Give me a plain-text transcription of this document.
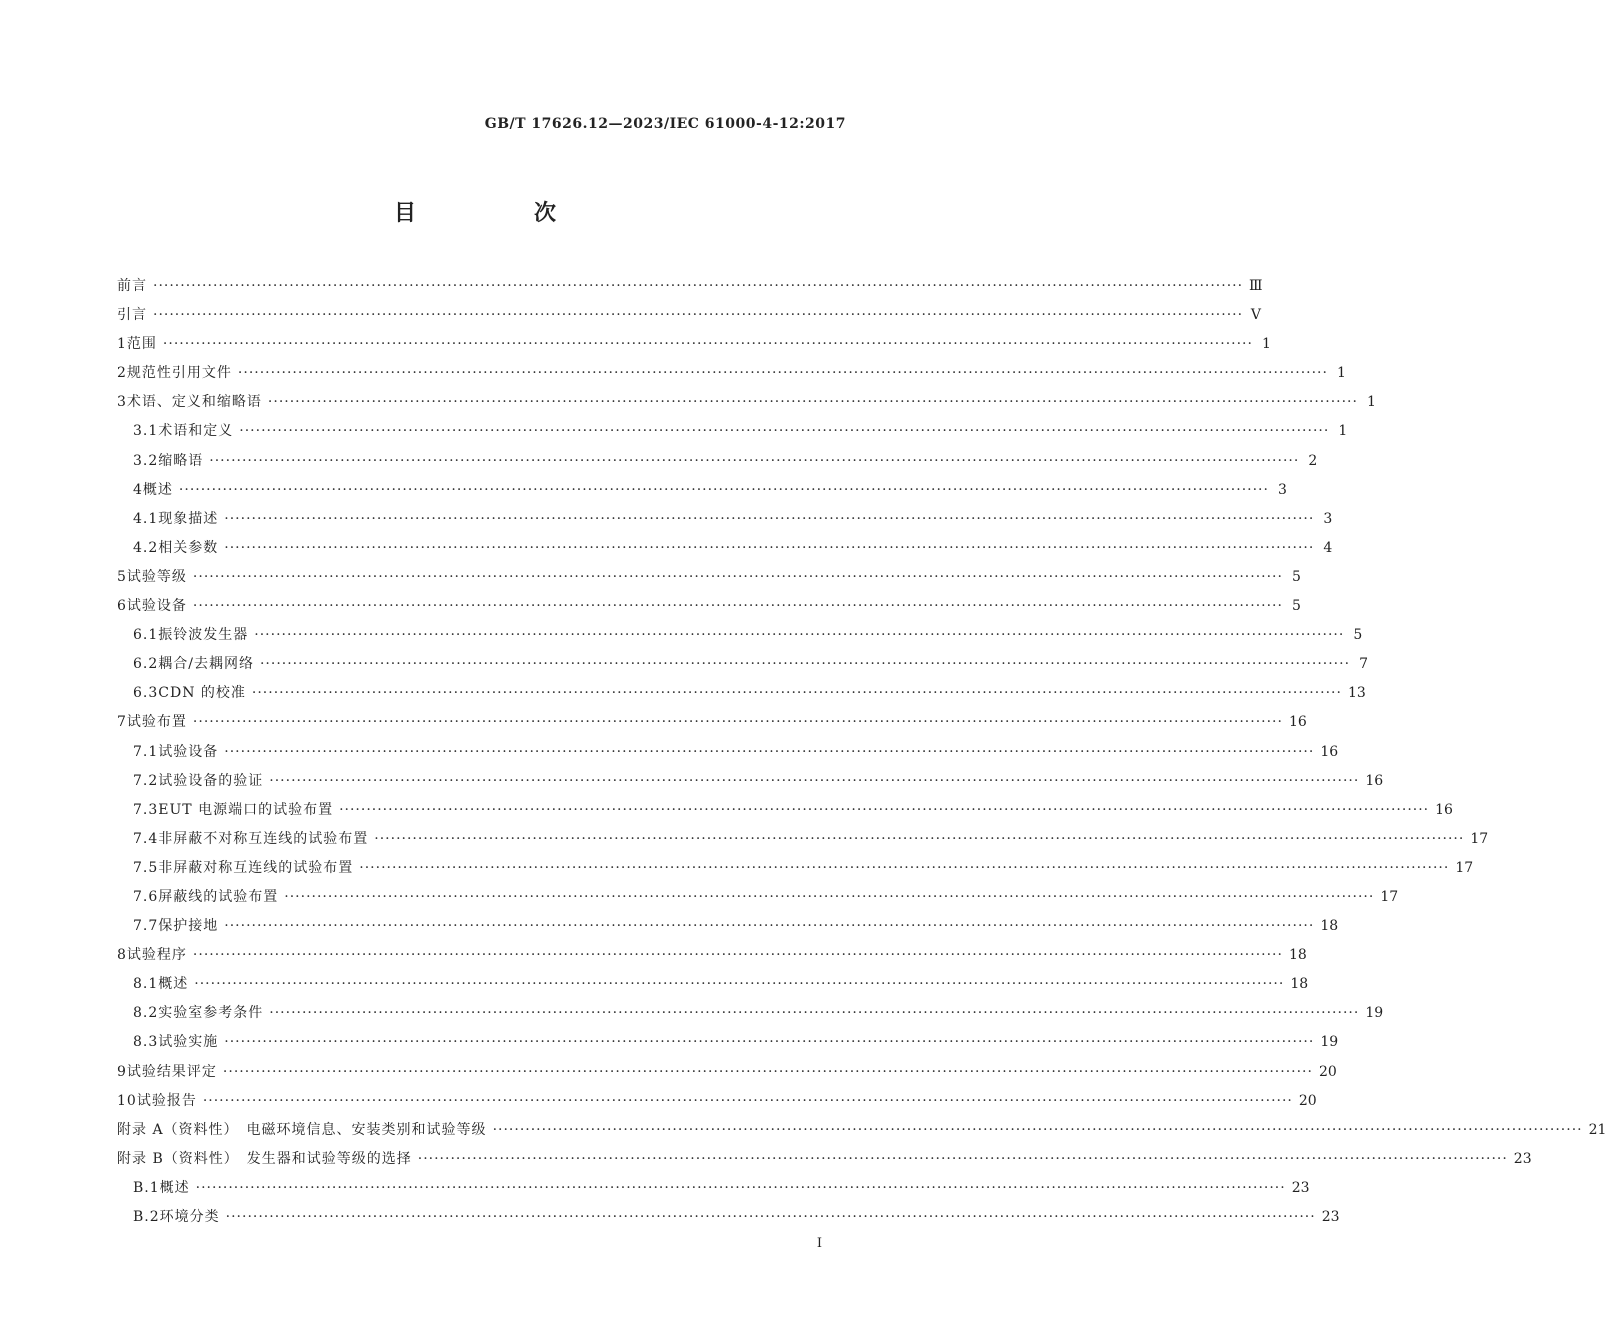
GB/T 17626.12—2023/IEC 61000-4-12:2017
目　次
前言 ········································································································································································································ Ⅲ
引言 ········································································································································································································ Ⅴ
1 范围 ········································································································································································································ 1
2 规范性引用文件 ········································································································································································································ 1
3 术语、定义和缩略语 ········································································································································································································ 1
3.1 术语和定义 ········································································································································································································ 1
3.2 缩略语 ········································································································································································································ 2
4 概述 ········································································································································································································ 3
4.1 现象描述 ········································································································································································································ 3
4.2 相关参数 ········································································································································································································ 4
5 试验等级 ········································································································································································································ 5
6 试验设备 ········································································································································································································ 5
6.1 振铃波发生器 ········································································································································································································ 5
6.2 耦合/去耦网络 ········································································································································································································ 7
6.3 CDN 的校准 ········································································································································································································ 13
7 试验布置 ········································································································································································································ 16
7.1 试验设备 ········································································································································································································ 16
7.2 试验设备的验证 ········································································································································································································ 16
7.3 EUT 电源端口的试验布置 ········································································································································································································ 16
7.4 非屏蔽不对称互连线的试验布置 ········································································································································································································ 17
7.5 非屏蔽对称互连线的试验布置 ········································································································································································································ 17
7.6 屏蔽线的试验布置 ········································································································································································································ 17
7.7 保护接地 ········································································································································································································ 18
8 试验程序 ········································································································································································································ 18
8.1 概述 ········································································································································································································ 18
8.2 实验室参考条件 ········································································································································································································ 19
8.3 试验实施 ········································································································································································································ 19
9 试验结果评定 ········································································································································································································ 20
10 试验报告 ········································································································································································································ 20
附录 A（资料性）　电磁环境信息、安装类别和试验等级 ········································································································································································································ 21
附录 B（资料性）　发生器和试验等级的选择 ········································································································································································································ 23
B.1 概述 ········································································································································································································ 23
B.2 环境分类 ········································································································································································································ 23
Ⅰ
